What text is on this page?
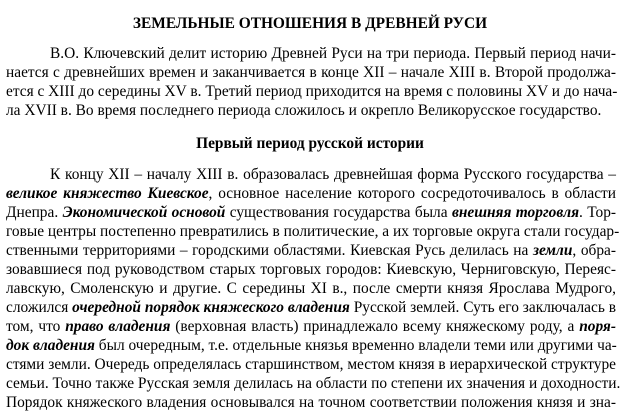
ЗЕМЕЛЬНЫЕ ОТНОШЕНИЯ В ДРЕВНЕЙ РУСИ
В.О. Ключевский делит историю Древней Руси на три периода. Первый период начи-
нается с древнейших времен и заканчивается в конце XII – начале XIII в. Второй продолжа-
ется с XIII до середины XV в. Третий период приходится на время с половины XV и до нача-
ла XVII в. Во время последнего периода сложилось и окрепло Великорусское государство.
Первый период русской истории
К концу XII – началу XIII в. образовалась древнейшая форма Русского государства –
великое княжество Киевское, основное население которого сосредоточивалось в области
Днепра. Экономической основой существования государства была внешняя торговля. Тор-
говые центры постепенно превратились в политические, а их торговые округа стали государ-
ственными территориями – городскими областями. Киевская Русь делилась на земли, обра-
зовавшиеся под руководством старых торговых городов: Киевскую, Черниговскую, Переяс-
лавскую, Смоленскую и другие. С середины XI в., после смерти князя Ярослава Мудрого,
сложился очередной порядок княжеского владения Русской землей. Суть его заключалась в
том, что право владения (верховная власть) принадлежало всему княжескому роду, а поря-
док владения был очередным, т.е. отдельные князья временно владели теми или другими ча-
стями земли. Очередь определялась старшинством, местом князя в иерархической структуре
семьи. Точно также Русская земля делилась на области по степени их значения и доходности.
Порядок княжеского владения основывался на точном соответствии положения князя и зна-
